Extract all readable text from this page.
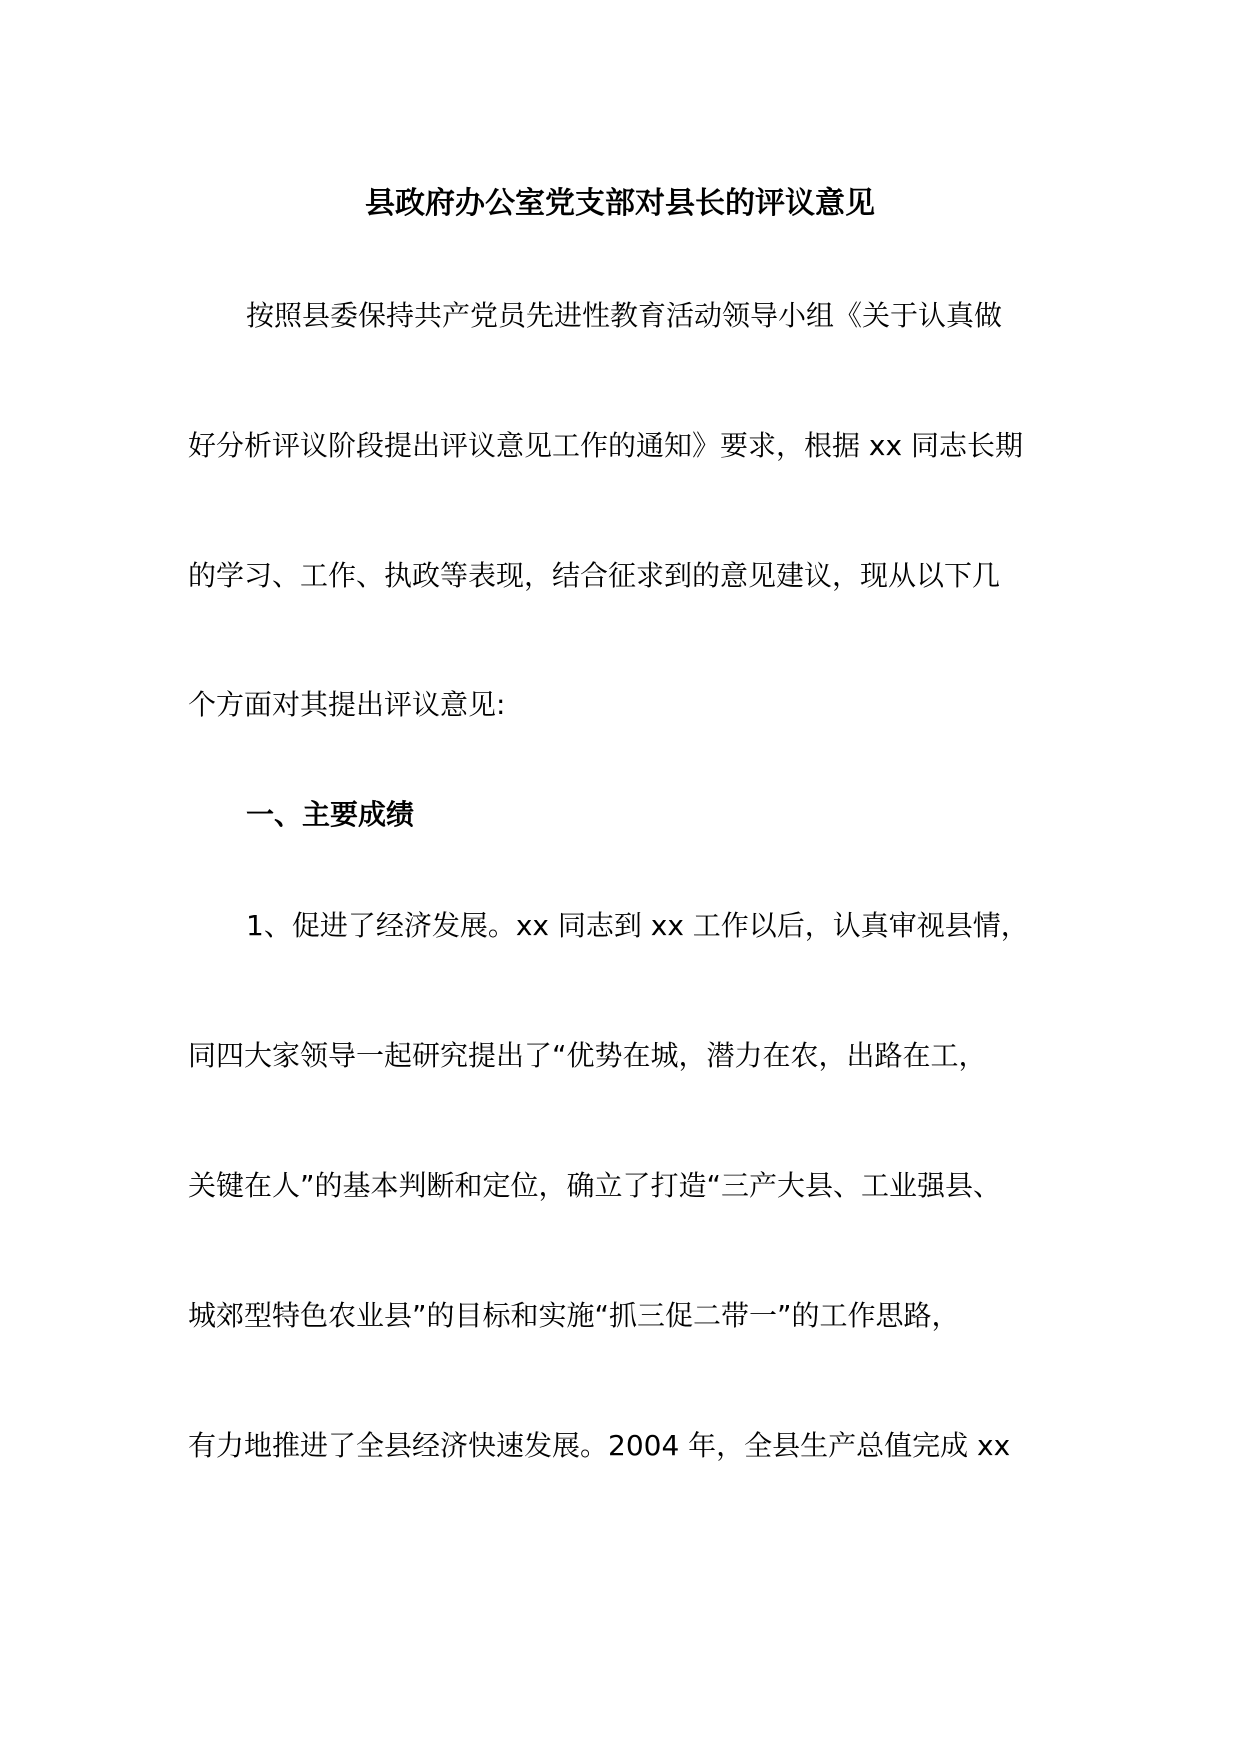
县政府办公室党支部对县长的评议意见

按照县委保持共产党员先进性教育活动领导小组《关于认真做

好分析评议阶段提出评议意见工作的通知》要求，根据 xx 同志长期

的学习、工作、执政等表现，结合征求到的意见建议，现从以下几

个方面对其提出评议意见:

一、主要成绩

1、促进了经济发展。xx 同志到 xx 工作以后，认真审视县情，

同四大家领导一起研究提出了“优势在城，潜力在农，出路在工，

关键在人”的基本判断和定位，确立了打造“三产大县、工业强县、

城郊型特色农业县”的目标和实施“抓三促二带一”的工作思路，

有力地推进了全县经济快速发展。2004 年，全县生产总值完成 xx
